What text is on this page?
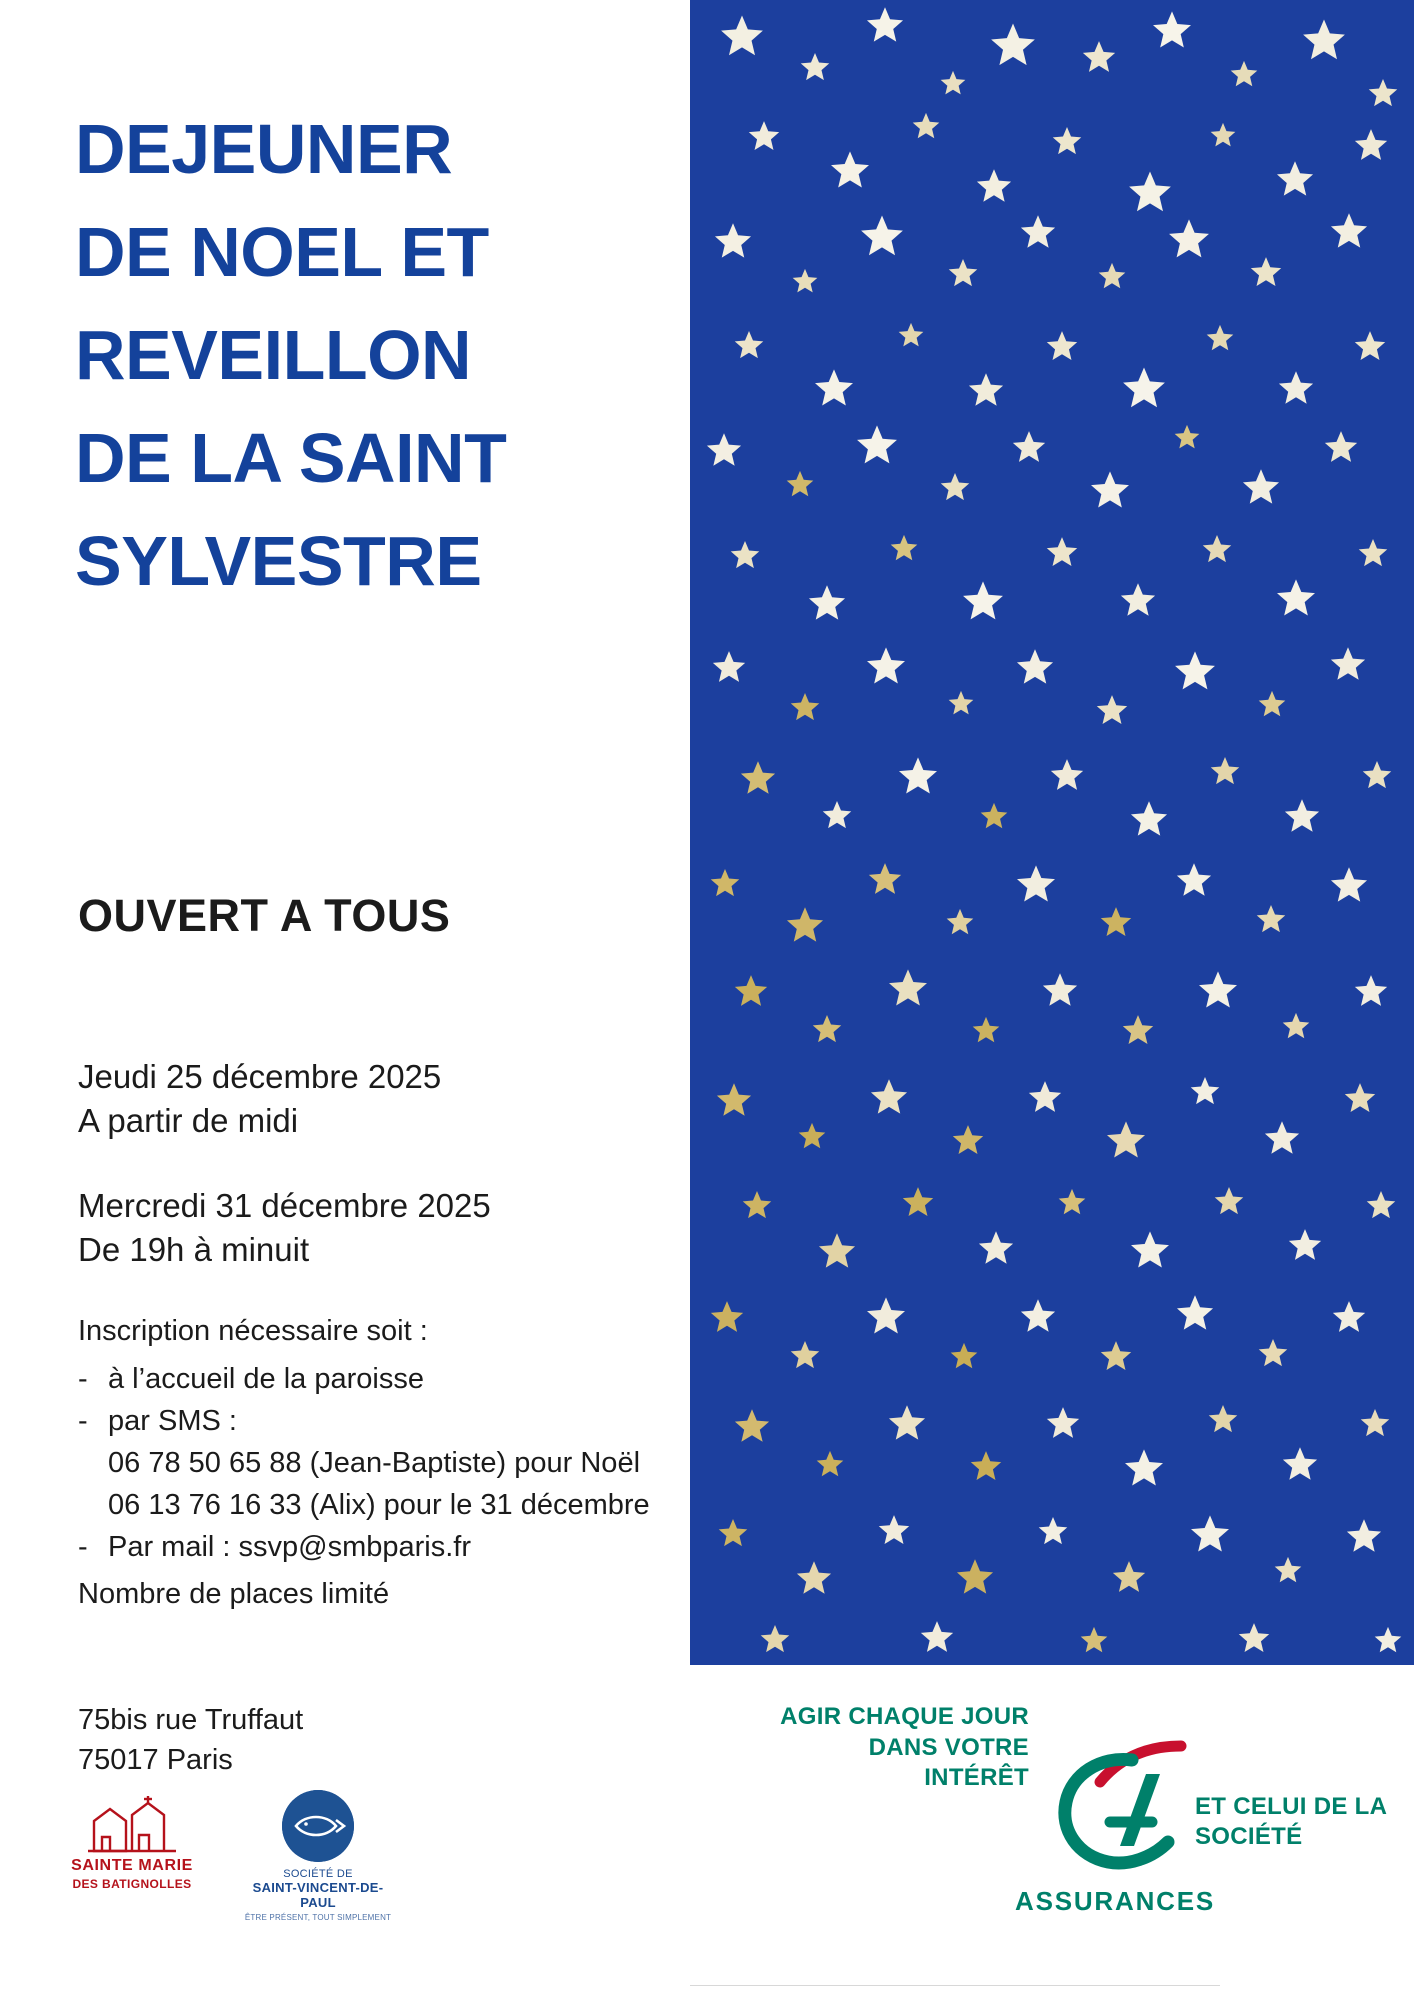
DEJEUNER
DE NOEL ET
REVEILLON
DE LA SAINT
SYLVESTRE
OUVERT A TOUS
Jeudi 25 décembre 2025
A partir de midi
Mercredi 31 décembre 2025
De 19h à minuit
Inscription nécessaire soit :
- à l’accueil de la paroisse
- par SMS :
06 78 50 65 88 (Jean-Baptiste) pour Noël
06 13 76 16 33 (Alix) pour le 31 décembre
- Par mail : ssvp@smbparis.fr
Nombre de places limité
75bis rue Truffaut
75017 Paris
SAINTE MARIE DES BATIGNOLLES
SOCIÉTÉ DE
SAINT-VINCENT-DE-PAUL
ÊTRE PRÉSENT, TOUT SIMPLEMENT
AGIR CHAQUE JOUR
DANS VOTRE
INTÉRÊT
ET CELUI DE LA
SOCIÉTÉ
ASSURANCES
